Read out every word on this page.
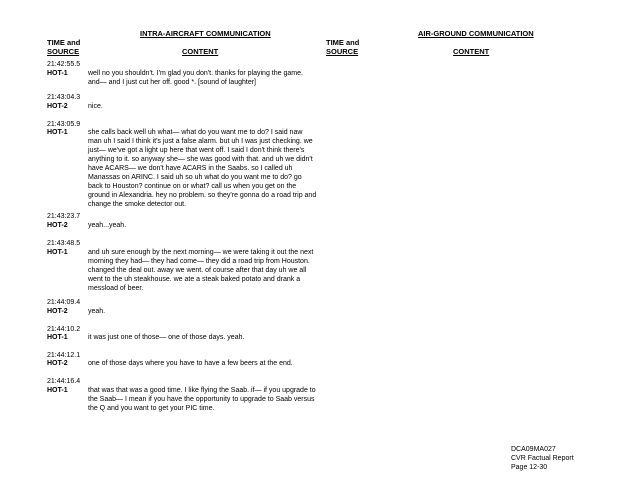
INTRA-AIRCRAFT COMMUNICATION	AIR-GROUND COMMUNICATION
TIME and
SOURCE	CONTENT
TIME and
SOURCE	CONTENT
21:42:55.5
HOT-1	well no you shouldn't. I'm glad you don't. thanks for playing the game.
and— and I just cut her off. good *. [sound of laughter]
21:43:04.3
HOT-2	nice.
21:43:05.9
HOT-1	she calls back well uh what— what do you want me to do? I said naw
man uh I said I think it's just a false alarm. but uh I was just checking. we
just— we've got a light up here that went off. I said I don't think there's
anything to it. so anyway she— she was good with that. and uh we didn't
have ACARS— we don't have ACARS in the Saabs. so I called uh
Manassas on ARINC. I said uh so uh what do you want me to do? go
back to Houston? continue on or what? call us when you get on the
ground in Alexandria. hey no problem. so they're gonna do a road trip and
change the smoke detector out.
21:43:23.7
HOT-2	yeah...yeah.
21:43:48.5
HOT-1	and uh sure enough by the next morning— we were taking it out the next
morning they had— they had come— they did a road trip from Houston.
changed the deal out. away we went. of course after that day uh we all
went to the uh steakhouse. we ate a steak baked potato and drank a
messload of beer.
21:44:09.4
HOT-2	yeah.
21:44:10.2
HOT-1	it was just one of those— one of those days. yeah.
21:44:12.1
HOT-2	one of those days where you have to have a few beers at the end.
21:44:16.4
HOT-1	that was that was a good time. I like flying the Saab. if— if you upgrade to
the Saab— I mean if you have the opportunity to upgrade to Saab versus
the Q and you want to get your PIC time.
DCA09MA027
CVR Factual Report
Page 12-30
